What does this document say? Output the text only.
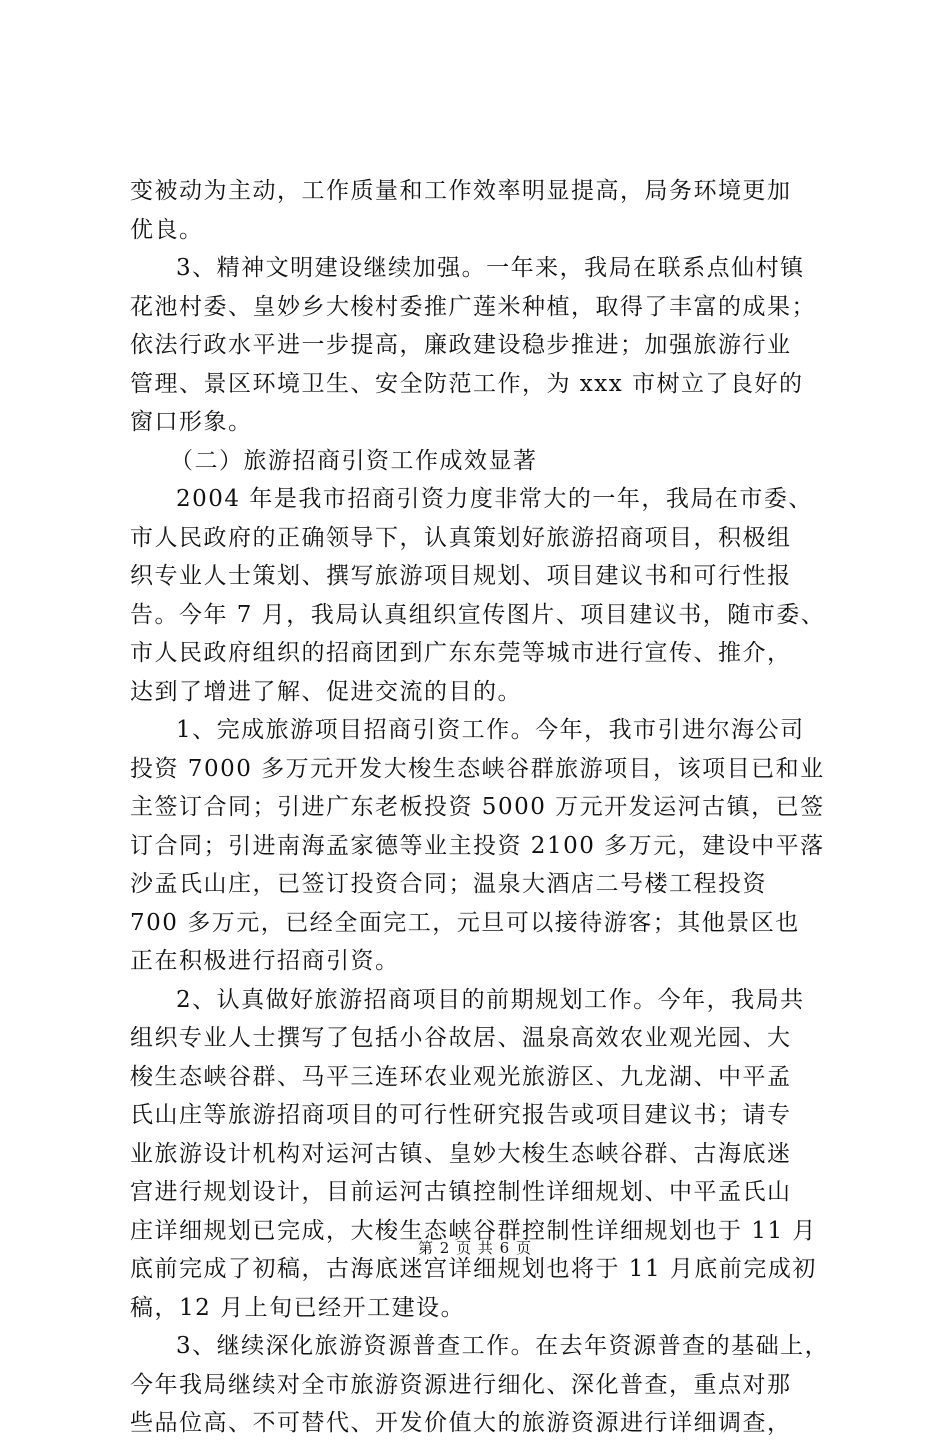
变被动为主动，工作质量和工作效率明显提高，局务环境更加
优良。
3、精神文明建设继续加强。一年来，我局在联系点仙村镇
花池村委、皇妙乡大梭村委推广莲米种植，取得了丰富的成果；
依法行政水平进一步提高，廉政建设稳步推进；加强旅游行业
管理、景区环境卫生、安全防范工作，为 xxx 市树立了良好的
窗口形象。
（二）旅游招商引资工作成效显著
2004 年是我市招商引资力度非常大的一年，我局在市委、
市人民政府的正确领导下，认真策划好旅游招商项目，积极组
织专业人士策划、撰写旅游项目规划、项目建议书和可行性报
告。今年 7 月，我局认真组织宣传图片、项目建议书，随市委、
市人民政府组织的招商团到广东东莞等城市进行宣传、推介，
达到了增进了解、促进交流的目的。
1、完成旅游项目招商引资工作。今年，我市引进尔海公司
投资 7000 多万元开发大梭生态峡谷群旅游项目，该项目已和业
主签订合同；引进广东老板投资 5000 万元开发运河古镇，已签
订合同；引进南海孟家德等业主投资 2100 多万元，建设中平落
沙孟氏山庄，已签订投资合同；温泉大酒店二号楼工程投资
700 多万元，已经全面完工，元旦可以接待游客；其他景区也
正在积极进行招商引资。
2、认真做好旅游招商项目的前期规划工作。今年，我局共
组织专业人士撰写了包括小谷故居、温泉高效农业观光园、大
梭生态峡谷群、马平三连环农业观光旅游区、九龙湖、中平孟
氏山庄等旅游招商项目的可行性研究报告或项目建议书；请专
业旅游设计机构对运河古镇、皇妙大梭生态峡谷群、古海底迷
宫进行规划设计，目前运河古镇控制性详细规划、中平孟氏山
庄详细规划已完成，大梭生态峡谷群控制性详细规划也于 11 月
底前完成了初稿，古海底迷宫详细规划也将于 11 月底前完成初
稿，12 月上旬已经开工建设。
3、继续深化旅游资源普查工作。在去年资源普查的基础上，
今年我局继续对全市旅游资源进行细化、深化普查，重点对那
些品位高、不可替代、开发价值大的旅游资源进行详细调查，
第 2 页 共 6 页
